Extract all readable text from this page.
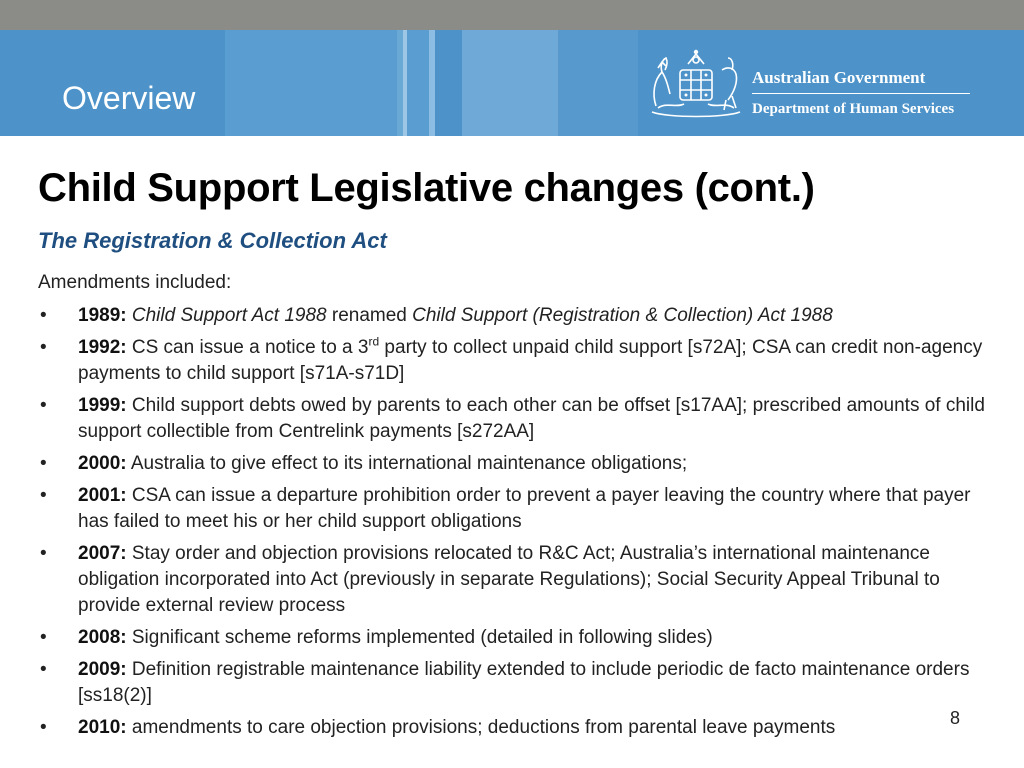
Overview
Australian Government
Department of Human Services
Child Support Legislative changes (cont.)
The Registration & Collection Act

Amendments included:

• 1989: Child Support Act 1988 renamed Child Support (Registration & Collection) Act 1988
• 1992: CS can issue a notice to a 3rd party to collect unpaid child support [s72A]; CSA can credit non-agency payments to child support [s71A-s71D]
• 1999: Child support debts owed by parents to each other can be offset [s17AA]; prescribed amounts of child support collectible from Centrelink payments [s272AA]
• 2000: Australia to give effect to its international maintenance obligations;
• 2001: CSA can issue a departure prohibition order to prevent a payer leaving the country where that payer has failed to meet his or her child support obligations
• 2007: Stay order and objection provisions relocated to R&C Act; Australia’s international maintenance obligation incorporated into Act (previously in separate Regulations); Social Security Appeal Tribunal to provide external review process
• 2008: Significant scheme reforms implemented (detailed in following slides)
• 2009: Definition registrable maintenance liability extended to include periodic de facto maintenance orders [ss18(2)]
• 2010: amendments to care objection provisions; deductions from parental leave payments	8
